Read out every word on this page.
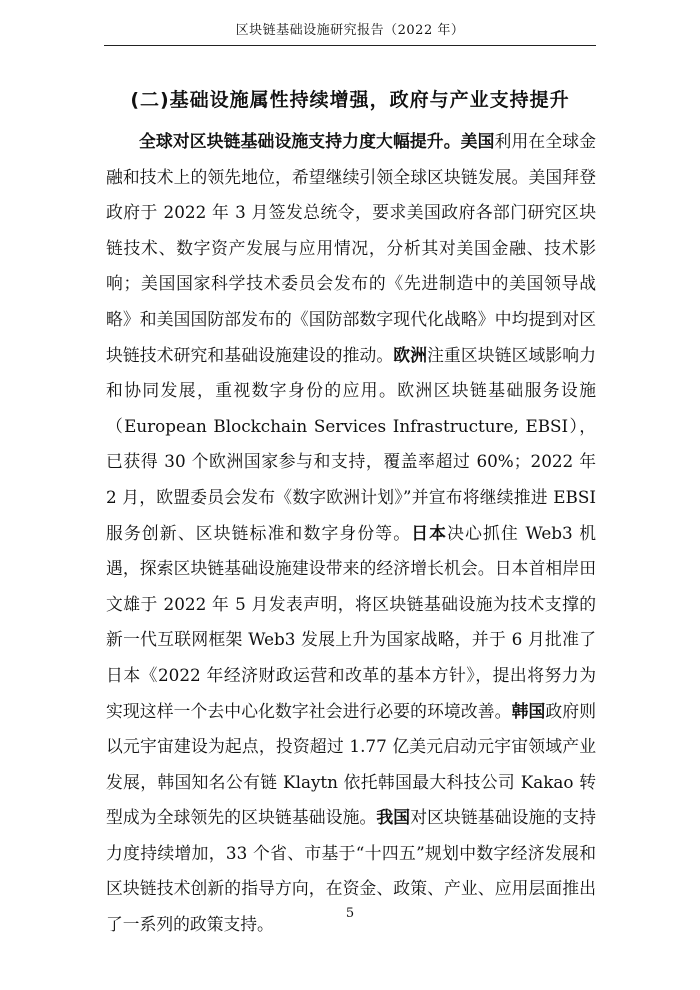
区块链基础设施研究报告（2022 年）
(二)基础设施属性持续增强，政府与产业支持提升

全球对区块链基础设施支持力度大幅提升。美国利用在全球金融和技术上的领先地位，希望继续引领全球区块链发展。美国拜登政府于 2022 年 3 月签发总统令，要求美国政府各部门研究区块链技术、数字资产发展与应用情况，分析其对美国金融、技术影响；美国国家科学技术委员会发布的《先进制造中的美国领导战略》和美国国防部发布的《国防部数字现代化战略》中均提到对区块链技术研究和基础设施建设的推动。欧洲注重区块链区域影响力和协同发展，重视数字身份的应用。欧洲区块链基础服务设施（European Blockchain Services Infrastructure, EBSI），已获得 30 个欧洲国家参与和支持，覆盖率超过 60%；2022 年 2 月，欧盟委员会发布《数字欧洲计划》”并宣布将继续推进 EBSI 服务创新、区块链标准和数字身份等。日本决心抓住 Web3 机遇，探索区块链基础设施建设带来的经济增长机会。日本首相岸田文雄于 2022 年 5 月发表声明，将区块链基础设施为技术支撑的新一代互联网框架 Web3 发展上升为国家战略，并于 6 月批准了日本《2022 年经济财政运营和改革的基本方针》，提出将努力为实现这样一个去中心化数字社会进行必要的环境改善。韩国政府则以元宇宙建设为起点，投资超过 1.77 亿美元启动元宇宙领域产业发展，韩国知名公有链 Klaytn 依托韩国最大科技公司 Kakao 转型成为全球领先的区块链基础设施。我国对区块链基础设施的支持力度持续增加，33 个省、市基于“十四五”规划中数字经济发展和区块链技术创新的指导方向，在资金、政策、产业、应用层面推出了一系列的政策支持。

5
